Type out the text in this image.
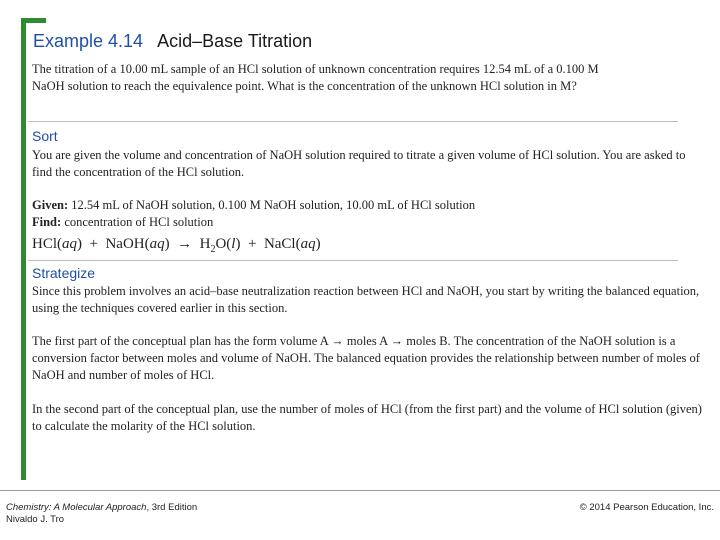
Example 4.14 Acid–Base Titration

The titration of a 10.00 mL sample of an HCl solution of unknown concentration requires 12.54 mL of a 0.100 M NaOH solution to reach the equivalence point. What is the concentration of the unknown HCl solution in M?

Sort

You are given the volume and concentration of NaOH solution required to titrate a given volume of HCl solution. You are asked to find the concentration of the HCl solution.

Given: 12.54 mL of NaOH solution, 0.100 M NaOH solution, 10.00 mL of HCl solution

Find: concentration of HCl solution

HCl(aq) + NaOH(aq) → $H_2O(l)$ + NaCl(aq)

Strategize

Since this problem involves an acid–base neutralization reaction between HCl and NaOH, you start by writing the balanced equation, using the techniques covered earlier in this section.

The first part of the conceptual plan has the form volume A → moles A → moles B. The concentration of the NaOH solution is a conversion factor between moles and volume of NaOH. The balanced equation provides the relationship between number of moles of NaOH and number of moles of HCl.

In the second part of the conceptual plan, use the number of moles of HCl (from the first part) and the volume of HCl solution (given) to calculate the molarity of the HCl solution.

Chemistry: A Molecular Approach, 3rd Edition
Nivaldo J. Tro
© 2014 Pearson Education, Inc.
